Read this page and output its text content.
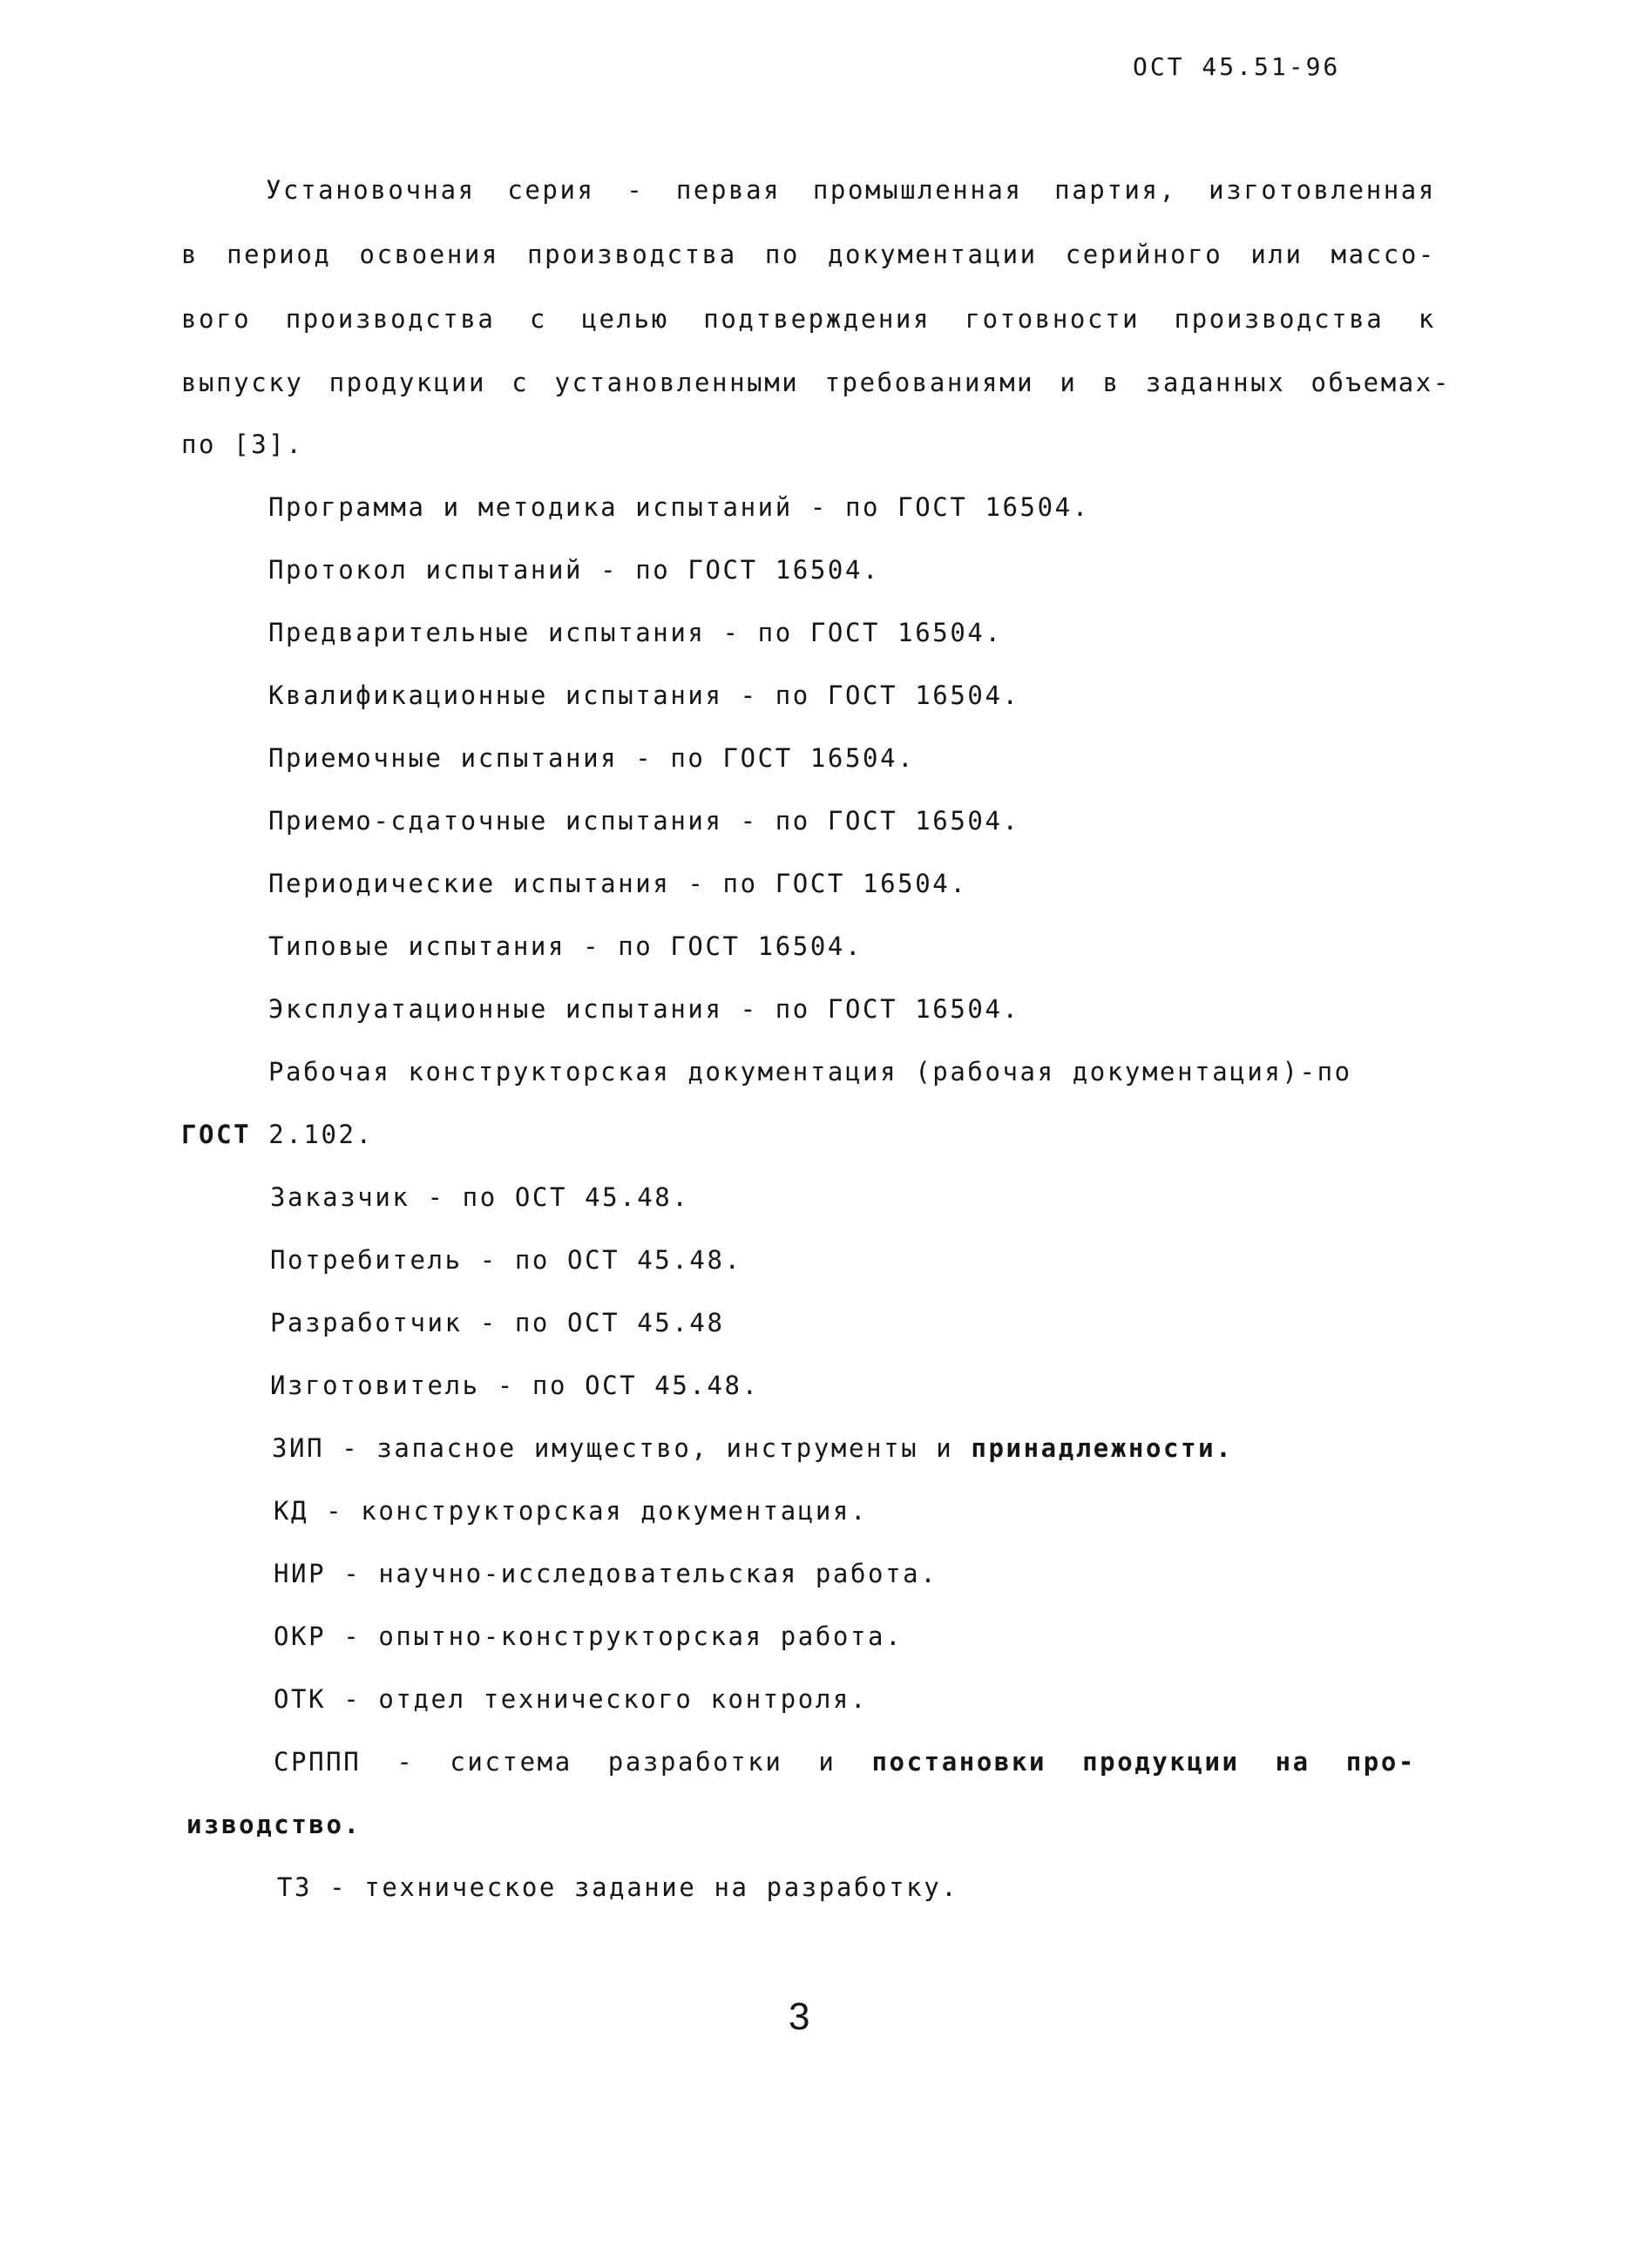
ОСТ 45.51-96
Установочная серия - первая промышленная партия, изготовленная
в период освоения производства по документации серийного или массо-
вого производства с целью подтверждения готовности производства к
выпуску продукции с установленными требованиями и в заданных объемах-
по [3].
Программа и методика испытаний - по ГОСТ 16504.
Протокол испытаний - по ГОСТ 16504.
Предварительные испытания - по ГОСТ 16504.
Квалификационные испытания - по ГОСТ 16504.
Приемочные испытания - по ГОСТ 16504.
Приемо-сдаточные испытания - по ГОСТ 16504.
Периодические испытания - по ГОСТ 16504.
Типовые испытания - по ГОСТ 16504.
Эксплуатационные испытания - по ГОСТ 16504.
Рабочая конструкторская документация (рабочая документация)-по
ГОСТ 2.102.
Заказчик - по ОСТ 45.48.
Потребитель - по ОСТ 45.48.
Разработчик - по ОСТ 45.48
Изготовитель - по ОСТ 45.48.
ЗИП - запасное имущество, инструменты и принадлежности.
КД - конструкторская документация.
НИР - научно-исследовательская работа.
ОКР - опытно-конструкторская работа.
ОТК - отдел технического контроля.
СРППП - система разработки и постановки продукции на про-
изводство.
ТЗ - техническое задание на разработку.
3
